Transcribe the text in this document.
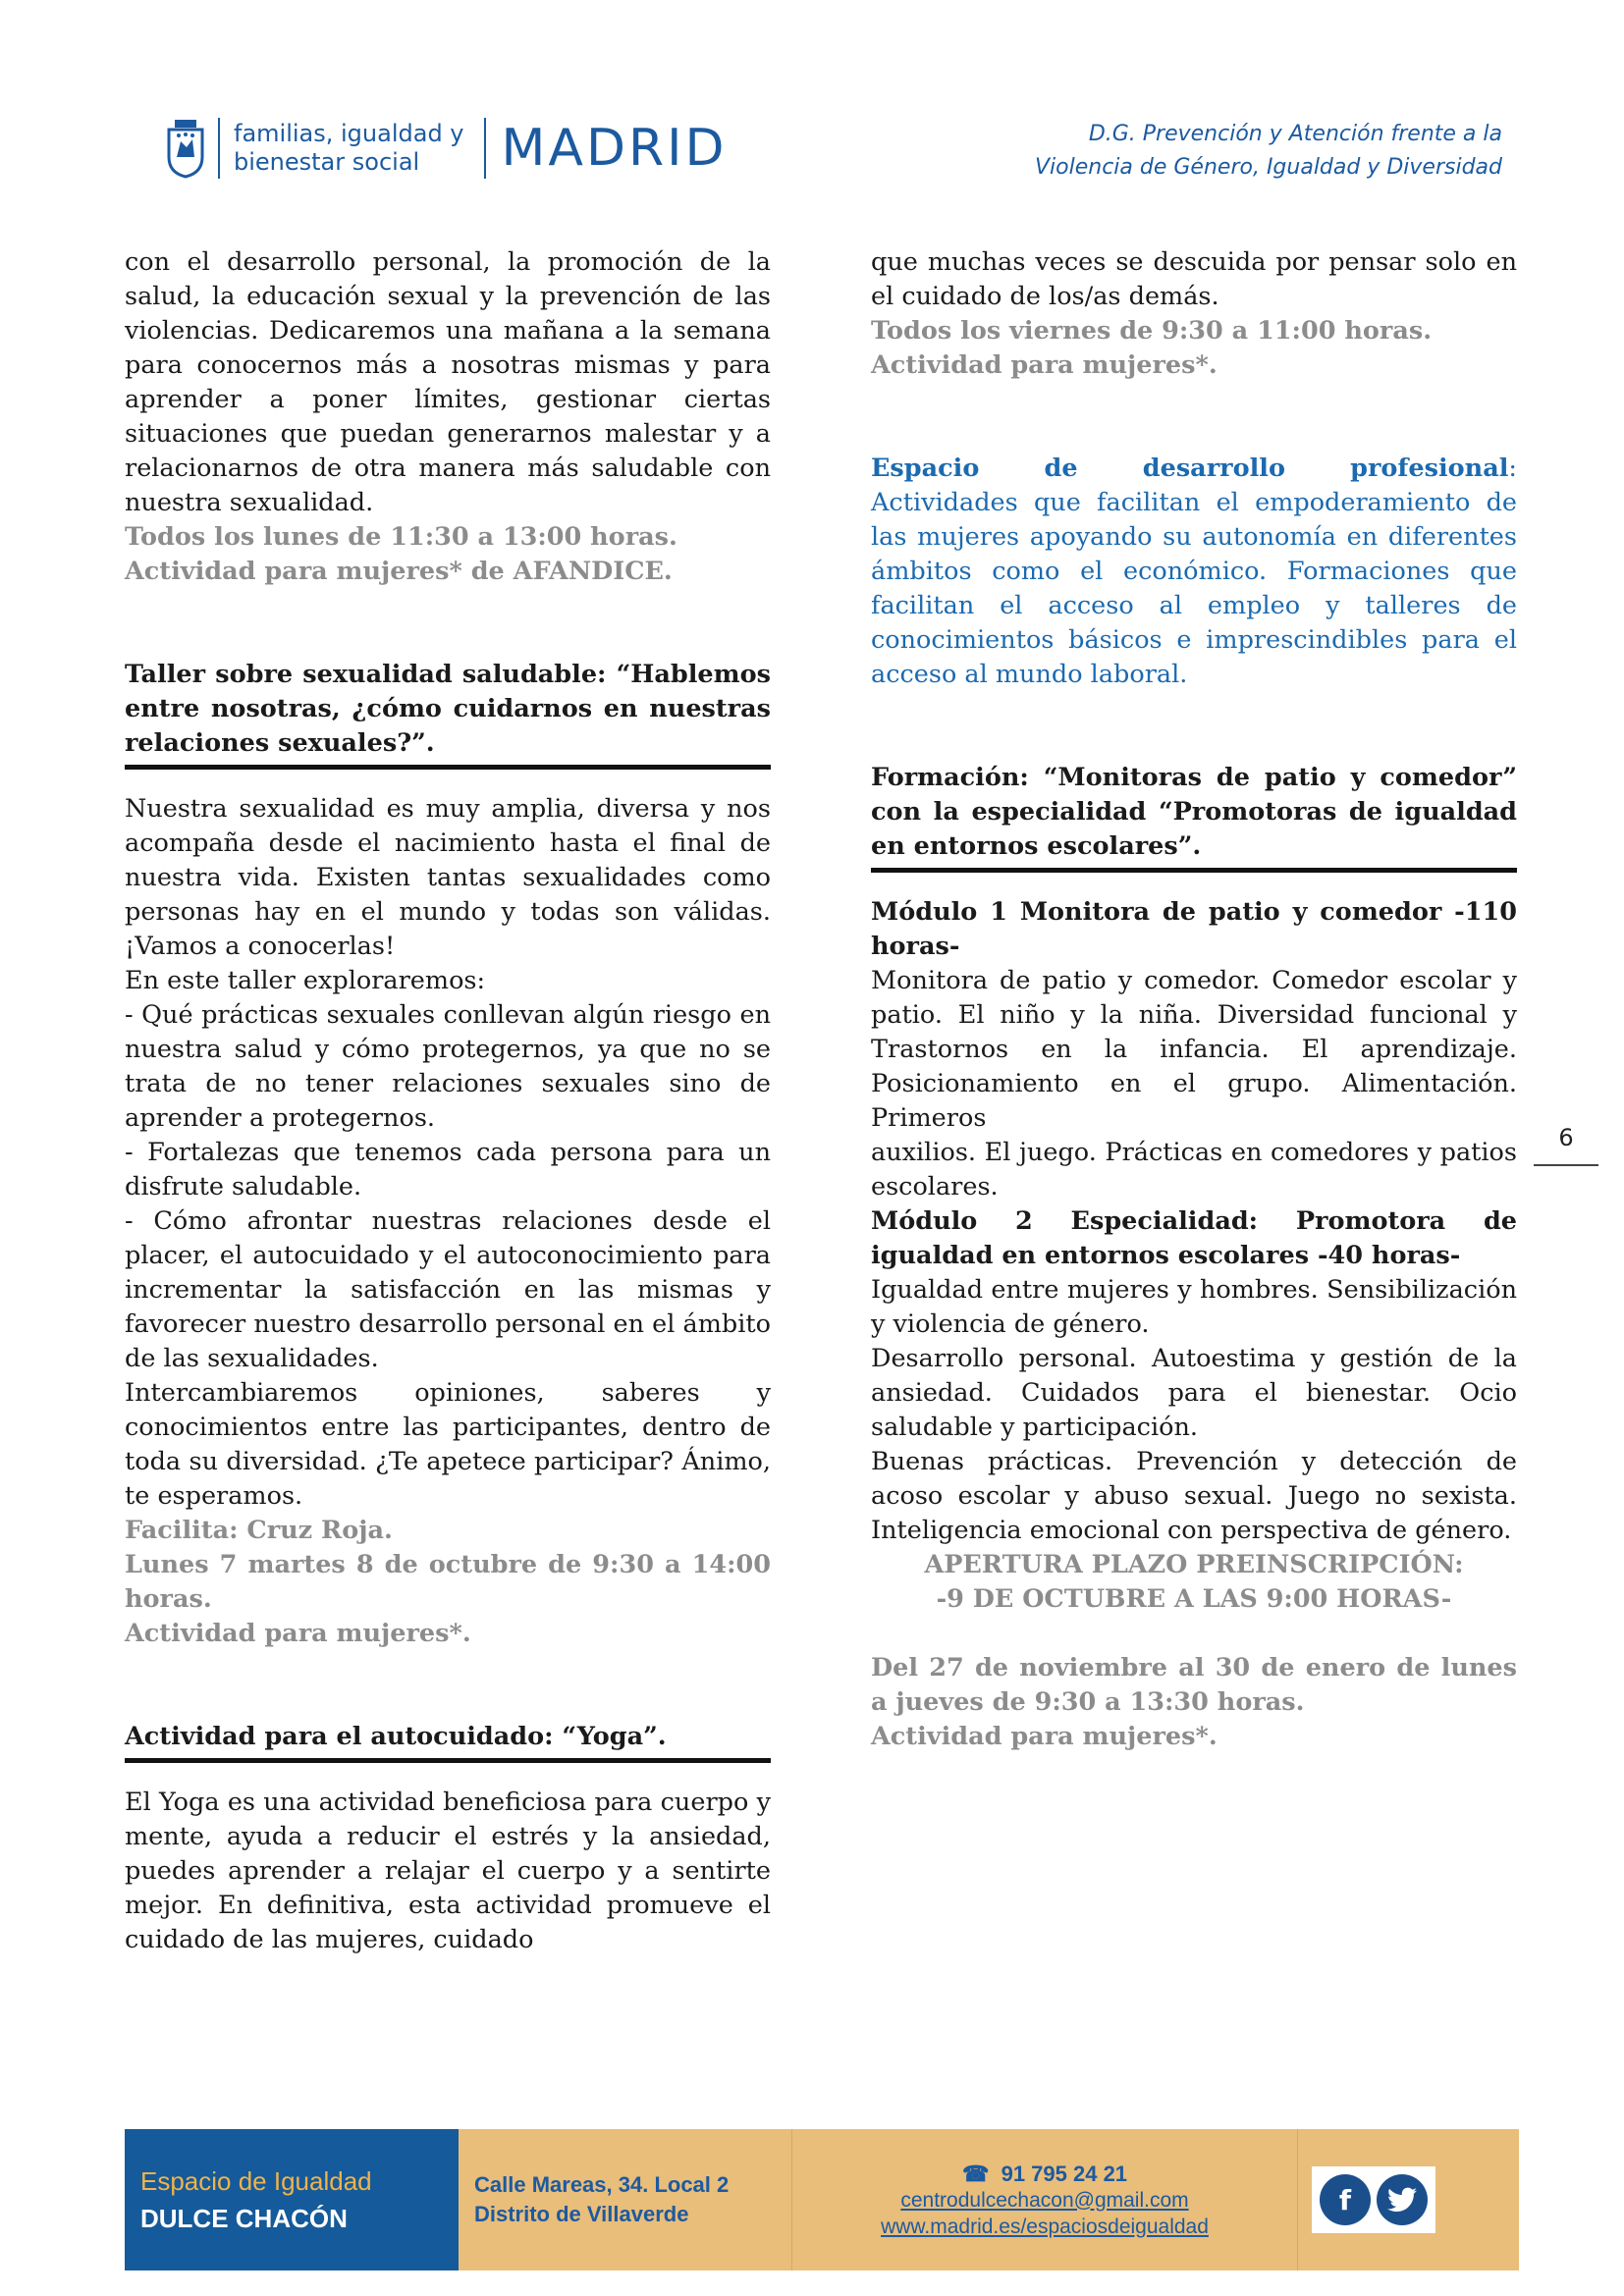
familias, igualdad y
bienestar social	MADRID	D.G. Prevención y Atención frente a la
Violencia de Género, Igualdad y Diversidad

con el desarrollo personal, la promoción de la salud, la educación sexual y la prevención de las violencias. Dedicaremos una mañana a la semana para conocernos más a nosotras mismas y para aprender a poner límites, gestionar ciertas situaciones que puedan generarnos malestar y a relacionarnos de otra manera más saludable con nuestra sexualidad.

Todos los lunes de 11:30 a 13:00 horas.

Actividad para mujeres* de AFANDICE.

Taller sobre sexualidad saludable: “Hablemos entre nosotras, ¿cómo cuidarnos en nuestras relaciones sexuales?”.

Nuestra sexualidad es muy amplia, diversa y nos acompaña desde el nacimiento hasta el final de nuestra vida. Existen tantas sexualidades como personas hay en el mundo y todas son válidas. ¡Vamos a conocerlas!

En este taller exploraremos:

- Qué prácticas sexuales conllevan algún riesgo en nuestra salud y cómo protegernos, ya que no se trata de no tener relaciones sexuales sino de aprender a protegernos.

- Fortalezas que tenemos cada persona para un disfrute saludable.

- Cómo afrontar nuestras relaciones desde el placer, el autocuidado y el autoconocimiento para incrementar la satisfacción en las mismas y favorecer nuestro desarrollo personal en el ámbito de las sexualidades.

Intercambiaremos opiniones, saberes y conocimientos entre las participantes, dentro de toda su diversidad. ¿Te apetece participar? Ánimo, te esperamos.

Facilita: Cruz Roja.

Lunes 7 martes 8 de octubre de 9:30 a 14:00 horas.

Actividad para mujeres*.

Actividad para el autocuidado: “Yoga”.

El Yoga es una actividad beneficiosa para cuerpo y mente, ayuda a reducir el estrés y la ansiedad, puedes aprender a relajar el cuerpo y a sentirte mejor. En definitiva, esta actividad promueve el cuidado de las mujeres, cuidado

que muchas veces se descuida por pensar solo en el cuidado de los/as demás.

Todos los viernes de 9:30 a 11:00 horas.

Actividad para mujeres*.

Espacio de desarrollo profesional:

Actividades que facilitan el empoderamiento de las mujeres apoyando su autonomía en diferentes ámbitos como el económico. Formaciones que facilitan el acceso al empleo y talleres de conocimientos básicos e imprescindibles para el acceso al mundo laboral.

Formación: “Monitoras de patio y comedor” con la especialidad “Promotoras de igualdad en entornos escolares”.

Módulo 1 Monitora de patio y comedor -110 horas-

Monitora de patio y comedor. Comedor escolar y patio. El niño y la niña. Diversidad funcional y Trastornos en la infancia. El aprendizaje. Posicionamiento en el grupo. Alimentación. Primeros

auxilios. El juego. Prácticas en comedores y patios escolares.

Módulo 2 Especialidad: Promotora de igualdad en entornos escolares -40 horas-

Igualdad entre mujeres y hombres. Sensibilización y violencia de género.

Desarrollo personal. Autoestima y gestión de la ansiedad. Cuidados para el bienestar. Ocio saludable y participación.

Buenas prácticas. Prevención y detección de acoso escolar y abuso sexual. Juego no sexista. Inteligencia emocional con perspectiva de género.

APERTURA PLAZO PREINSCRIPCIÓN:

-9 DE OCTUBRE A LAS 9:00 HORAS-

Del 27 de noviembre al 30 de enero de lunes a jueves de 9:30 a 13:30 horas.

Actividad para mujeres*.

6
Espacio de Igualdad
DULCE CHACÓN
Calle Mareas, 34. Local 2
Distrito de Villaverde
☎ 91 795 24 21
centrodulcechacon@gmail.com
www.madrid.es/espaciosdeigualdad
f
